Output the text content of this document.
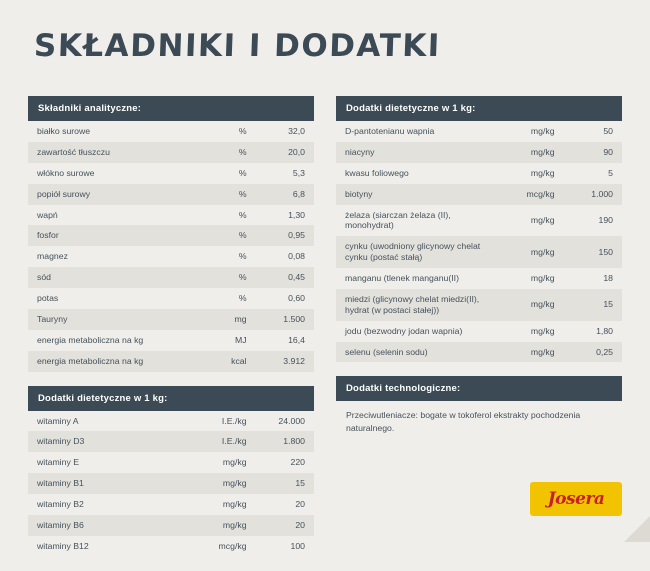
SKŁADNIKI I DODATKI
Składniki analityczne:
białko surowe	%	32,0
zawartość tłuszczu	%	20,0
włókno surowe	%	5,3
popiół surowy	%	6,8
wapń	%	1,30
fosfor	%	0,95
magnez	%	0,08
sód	%	0,45
potas	%	0,60
Tauryny	mg	1.500
energia metaboliczna na kg	MJ	16,4
energia metaboliczna na kg	kcal	3.912
Dodatki dietetyczne w 1 kg:
witaminy A	I.E./kg	24.000
witaminy D3	I.E./kg	1.800
witaminy E	mg/kg	220
witaminy B1	mg/kg	15
witaminy B2	mg/kg	20
witaminy B6	mg/kg	20
witaminy B12	mcg/kg	100
Dodatki dietetyczne w 1 kg:
D-pantotenianu wapnia	mg/kg	50
niacyny	mg/kg	90
kwasu foliowego	mg/kg	5
biotyny	mcg/kg	1.000
żelaza (siarczan żelaza (II), monohydrat)	mg/kg	190
cynku (uwodniony glicynowy chelat cynku (postać stałą)	mg/kg	150
manganu (tlenek manganu(II)	mg/kg	18
miedzi (glicynowy chelat miedzi(II), hydrat (w postaci stałej))	mg/kg	15
jodu (bezwodny jodan wapnia)	mg/kg	1,80
selenu (selenin sodu)	mg/kg	0,25
Dodatki technologiczne:
Przeciwutleniacze: bogate w tokoferol ekstrakty pochodzenia naturalnego.
Josera
